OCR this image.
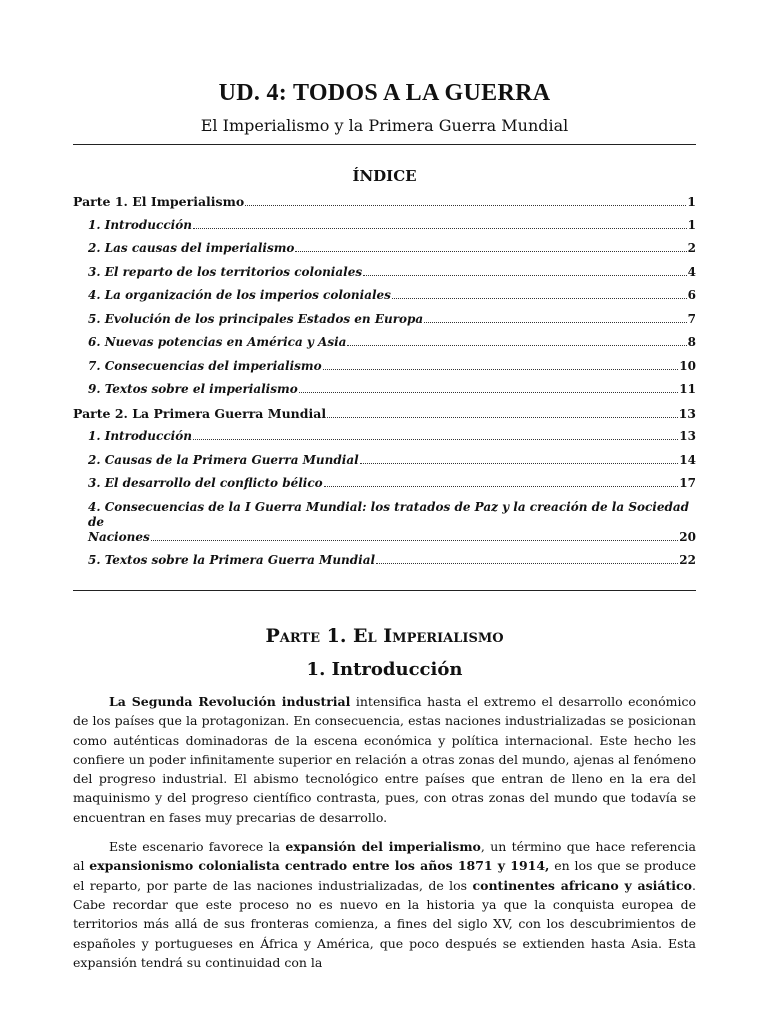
UD. 4: TODOS A LA GUERRA
El Imperialismo y la Primera Guerra Mundial
ÍNDICE
Parte 1. El Imperialismo	1
1. Introducción	1
2. Las causas del imperialismo	2
3. El reparto de los territorios coloniales	4
4. La organización de los imperios coloniales	6
5. Evolución de los principales Estados en Europa	7
6. Nuevas potencias en América y Asia	8
7. Consecuencias del imperialismo	10
9. Textos sobre el imperialismo	11
Parte 2. La Primera Guerra Mundial	13
1. Introducción	13
2. Causas de la Primera Guerra Mundial	14
3. El desarrollo del conflicto bélico	17
4. Consecuencias de la I Guerra Mundial: los tratados de Paz y la creación de la Sociedad de
Naciones	20
5. Textos sobre la Primera Guerra Mundial	22
Parte 1. El Imperialismo
1. Introducción

La Segunda Revolución industrial intensifica hasta el extremo el desarrollo económico de los países que la protagonizan. En consecuencia, estas naciones industrializadas se posicionan como auténticas dominadoras de la escena económica y política internacional. Este hecho les confiere un poder infinitamente superior en relación a otras zonas del mundo, ajenas al fenómeno del progreso industrial. El abismo tecnológico entre países que entran de lleno en la era del maquinismo y del progreso científico contrasta, pues, con otras zonas del mundo que todavía se encuentran en fases muy precarias de desarrollo.

Este escenario favorece la expansión del imperialismo, un término que hace referencia al expansionismo colonialista centrado entre los años 1871 y 1914, en los que se produce el reparto, por parte de las naciones industrializadas, de los continentes africano y asiático. Cabe recordar que este proceso no es nuevo en la historia ya que la conquista europea de territorios más allá de sus fronteras comienza, a fines del siglo XV, con los descubrimientos de españoles y portugueses en África y América, que poco después se extienden hasta Asia. Esta expansión tendrá su continuidad con la
